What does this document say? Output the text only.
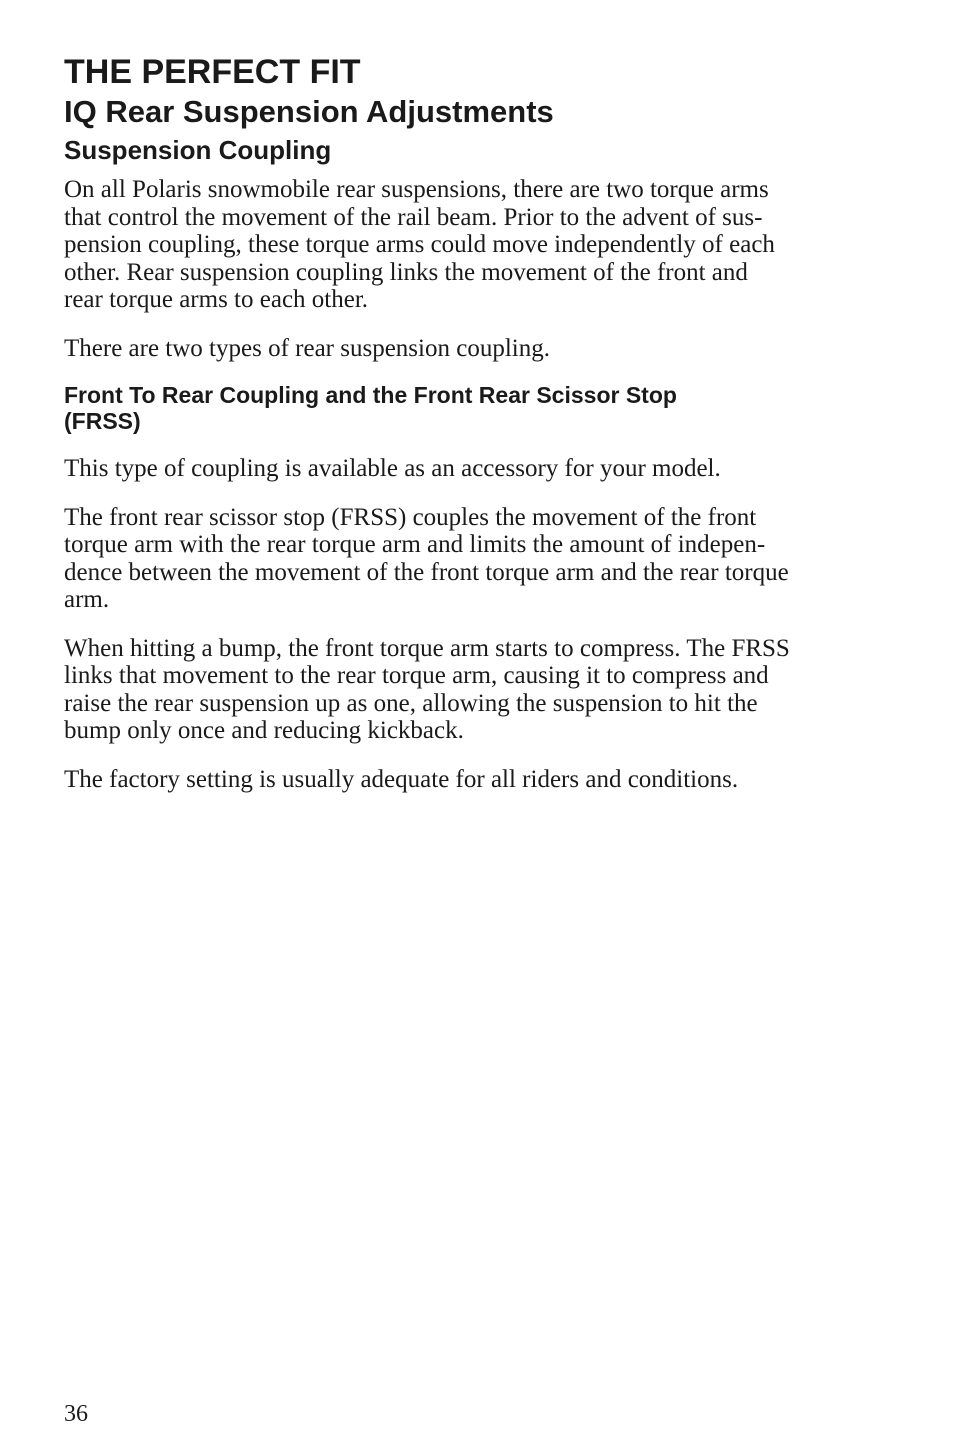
THE PERFECT FIT
IQ Rear Suspension Adjustments
Suspension Coupling

On all Polaris snowmobile rear suspensions, there are two torque arms
that control the movement of the rail beam. Prior to the advent of sus-
pension coupling, these torque arms could move independently of each
other. Rear suspension coupling links the movement of the front and
rear torque arms to each other.

There are two types of rear suspension coupling.

Front To Rear Coupling and the Front Rear Scissor Stop
(FRSS)

This type of coupling is available as an accessory for your model.

The front rear scissor stop (FRSS) couples the movement of the front
torque arm with the rear torque arm and limits the amount of indepen-
dence between the movement of the front torque arm and the rear torque
arm.

When hitting a bump, the front torque arm starts to compress. The FRSS
links that movement to the rear torque arm, causing it to compress and
raise the rear suspension up as one, allowing the suspension to hit the
bump only once and reducing kickback.

The factory setting is usually adequate for all riders and conditions.

36
